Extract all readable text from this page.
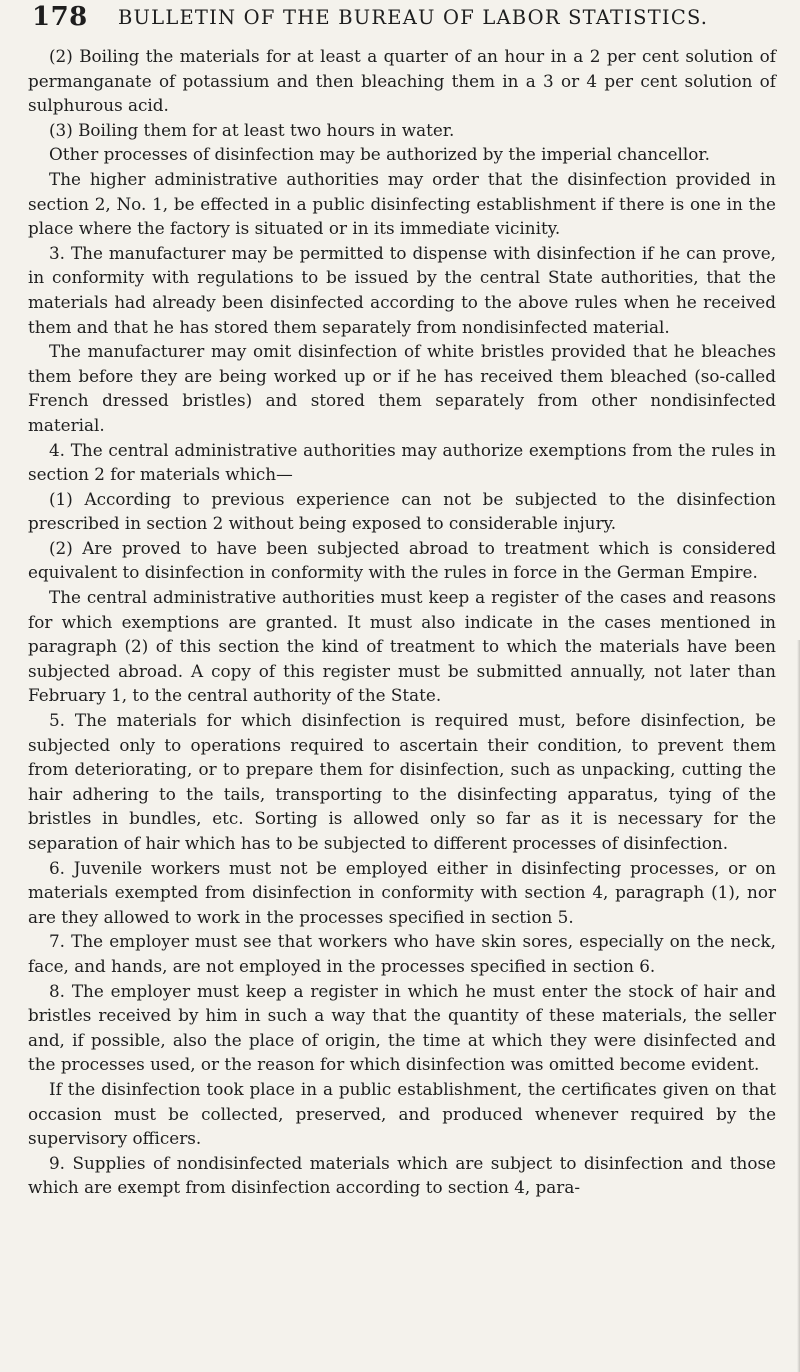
178 BULLETIN OF THE BUREAU OF LABOR STATISTICS.

(2) Boiling the materials for at least a quarter of an hour in a 2 per cent solution of permanganate of potassium and then bleaching them in a 3 or 4 per cent solution of sulphurous acid.

(3) Boiling them for at least two hours in water.

Other processes of disinfection may be authorized by the imperial chancellor.

The higher administrative authorities may order that the disinfection provided in section 2, No. 1, be effected in a public disinfecting establishment if there is one in the place where the factory is situated or in its immediate vicinity.

3. The manufacturer may be permitted to dispense with disinfection if he can prove, in conformity with regulations to be issued by the central State authorities, that the materials had already been disinfected according to the above rules when he received them and that he has stored them separately from nondisinfected material.

The manufacturer may omit disinfection of white bristles provided that he bleaches them before they are being worked up or if he has received them bleached (so-called French dressed bristles) and stored them separately from other nondisinfected material.

4. The central administrative authorities may authorize exemptions from the rules in section 2 for materials which—

(1) According to previous experience can not be subjected to the disinfection prescribed in section 2 without being exposed to considerable injury.

(2) Are proved to have been subjected abroad to treatment which is considered equivalent to disinfection in conformity with the rules in force in the German Empire.

The central administrative authorities must keep a register of the cases and reasons for which exemptions are granted. It must also indicate in the cases mentioned in paragraph (2) of this section the kind of treatment to which the materials have been subjected abroad. A copy of this register must be submitted annually, not later than February 1, to the central authority of the State.

5. The materials for which disinfection is required must, before disinfection, be subjected only to operations required to ascertain their condition, to prevent them from deteriorating, or to prepare them for disinfection, such as unpacking, cutting the hair adhering to the tails, transporting to the disinfecting apparatus, tying of the bristles in bundles, etc. Sorting is allowed only so far as it is necessary for the separation of hair which has to be subjected to different processes of disinfection.

6. Juvenile workers must not be employed either in disinfecting processes, or on materials exempted from disinfection in conformity with section 4, paragraph (1), nor are they allowed to work in the processes specified in section 5.

7. The employer must see that workers who have skin sores, especially on the neck, face, and hands, are not employed in the processes specified in section 6.

8. The employer must keep a register in which he must enter the stock of hair and bristles received by him in such a way that the quantity of these materials, the seller and, if possible, also the place of origin, the time at which they were disinfected and the processes used, or the reason for which disinfection was omitted become evident.

If the disinfection took place in a public establishment, the certificates given on that occasion must be collected, preserved, and produced whenever required by the supervisory officers.

9. Supplies of nondisinfected materials which are subject to disinfection and those which are exempt from disinfection according to section 4, para-
